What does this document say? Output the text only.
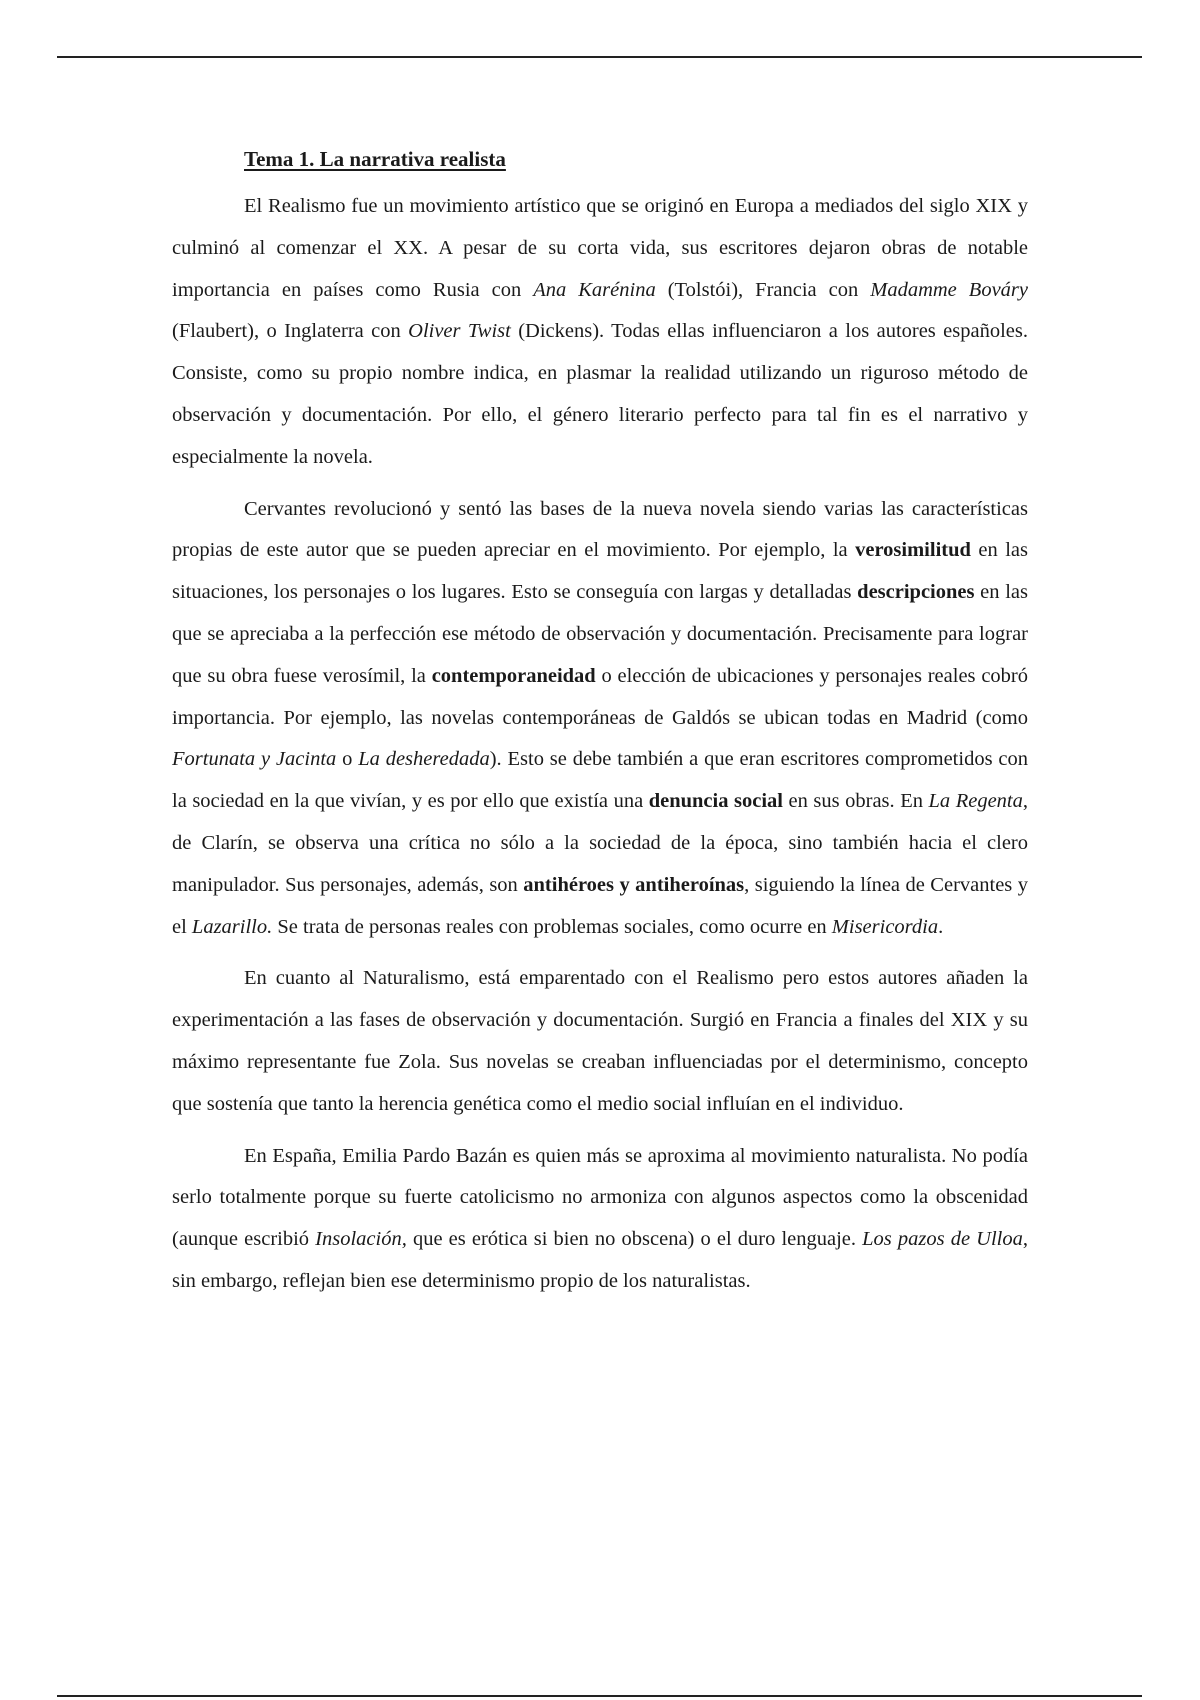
Tema 1. La narrativa realista

El Realismo fue un movimiento artístico que se originó en Europa a mediados del siglo XIX y culminó al comenzar el XX. A pesar de su corta vida, sus escritores dejaron obras de notable importancia en países como Rusia con Ana Karénina (Tolstói), Francia con Madamme Bováry (Flaubert), o Inglaterra con Oliver Twist (Dickens). Todas ellas influenciaron a los autores españoles. Consiste, como su propio nombre indica, en plasmar la realidad utilizando un riguroso método de observación y documentación. Por ello, el género literario perfecto para tal fin es el narrativo y especialmente la novela.

Cervantes revolucionó y sentó las bases de la nueva novela siendo varias las características propias de este autor que se pueden apreciar en el movimiento. Por ejemplo, la verosimilitud en las situaciones, los personajes o los lugares. Esto se conseguía con largas y detalladas descripciones en las que se apreciaba a la perfección ese método de observación y documentación. Precisamente para lograr que su obra fuese verosímil, la contemporaneidad o elección de ubicaciones y personajes reales cobró importancia. Por ejemplo, las novelas contemporáneas de Galdós se ubican todas en Madrid (como Fortunata y Jacinta o La desheredada). Esto se debe también a que eran escritores comprometidos con la sociedad en la que vivían, y es por ello que existía una denuncia social en sus obras. En La Regenta, de Clarín, se observa una crítica no sólo a la sociedad de la época, sino también hacia el clero manipulador. Sus personajes, además, son antihéroes y antiheroínas, siguiendo la línea de Cervantes y el Lazarillo. Se trata de personas reales con problemas sociales, como ocurre en Misericordia.

En cuanto al Naturalismo, está emparentado con el Realismo pero estos autores añaden la experimentación a las fases de observación y documentación. Surgió en Francia a finales del XIX y su máximo representante fue Zola. Sus novelas se creaban influenciadas por el determinismo, concepto que sostenía que tanto la herencia genética como el medio social influían en el individuo.

En España, Emilia Pardo Bazán es quien más se aproxima al movimiento naturalista. No podía serlo totalmente porque su fuerte catolicismo no armoniza con algunos aspectos como la obscenidad (aunque escribió Insolación, que es erótica si bien no obscena) o el duro lenguaje. Los pazos de Ulloa, sin embargo, reflejan bien ese determinismo propio de los naturalistas.
